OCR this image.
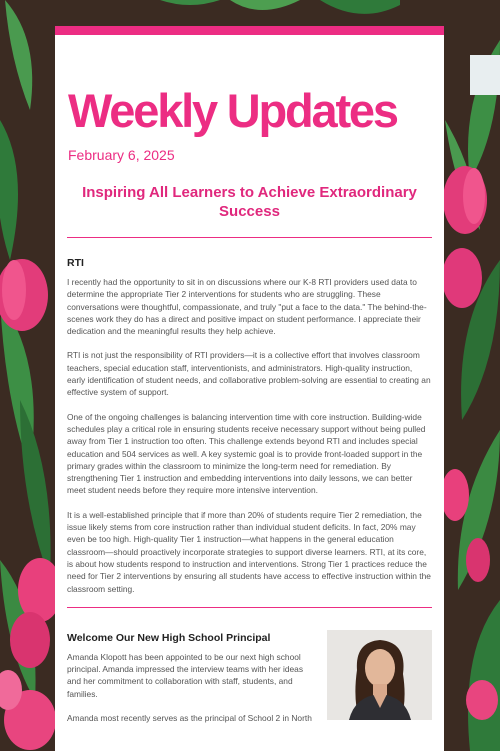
Weekly Updates
February 6, 2025
Inspiring All Learners to Achieve Extraordinary Success
RTI

I recently had the opportunity to sit in on discussions where our K-8 RTI providers used data to determine the appropriate Tier 2 interventions for students who are struggling. These conversations were thoughtful, compassionate, and truly "put a face to the data." The behind-the-scenes work they do has a direct and positive impact on student performance. I appreciate their dedication and the meaningful results they help achieve.

RTI is not just the responsibility of RTI providers—it is a collective effort that involves classroom teachers, special education staff, interventionists, and administrators. High-quality instruction, early identification of student needs, and collaborative problem-solving are essential to creating an effective system of support.

One of the ongoing challenges is balancing intervention time with core instruction. Building-wide schedules play a critical role in ensuring students receive necessary support without being pulled away from Tier 1 instruction too often. This challenge extends beyond RTI and includes special education and 504 services as well. A key systemic goal is to provide front-loaded support in the primary grades within the classroom to minimize the long-term need for remediation. By strengthening Tier 1 instruction and embedding interventions into daily lessons, we can better meet student needs before they require more intensive intervention.

It is a well-established principle that if more than 20% of students require Tier 2 remediation, the issue likely stems from core instruction rather than individual student deficits. In fact, 20% may even be too high. High-quality Tier 1 instruction—what happens in the general education classroom—should proactively incorporate strategies to support diverse learners. RTI, at its core, is about how students respond to instruction and interventions. Strong Tier 1 practices reduce the need for Tier 2 interventions by ensuring all students have access to effective instruction within the classroom setting.

Welcome Our New High School Principal

Amanda Klopott has been appointed to be our next high school principal. Amanda impressed the interview teams with her ideas and her commitment to collaboration with staff, students, and families.

Amanda most recently serves as the principal of School 2 in North
